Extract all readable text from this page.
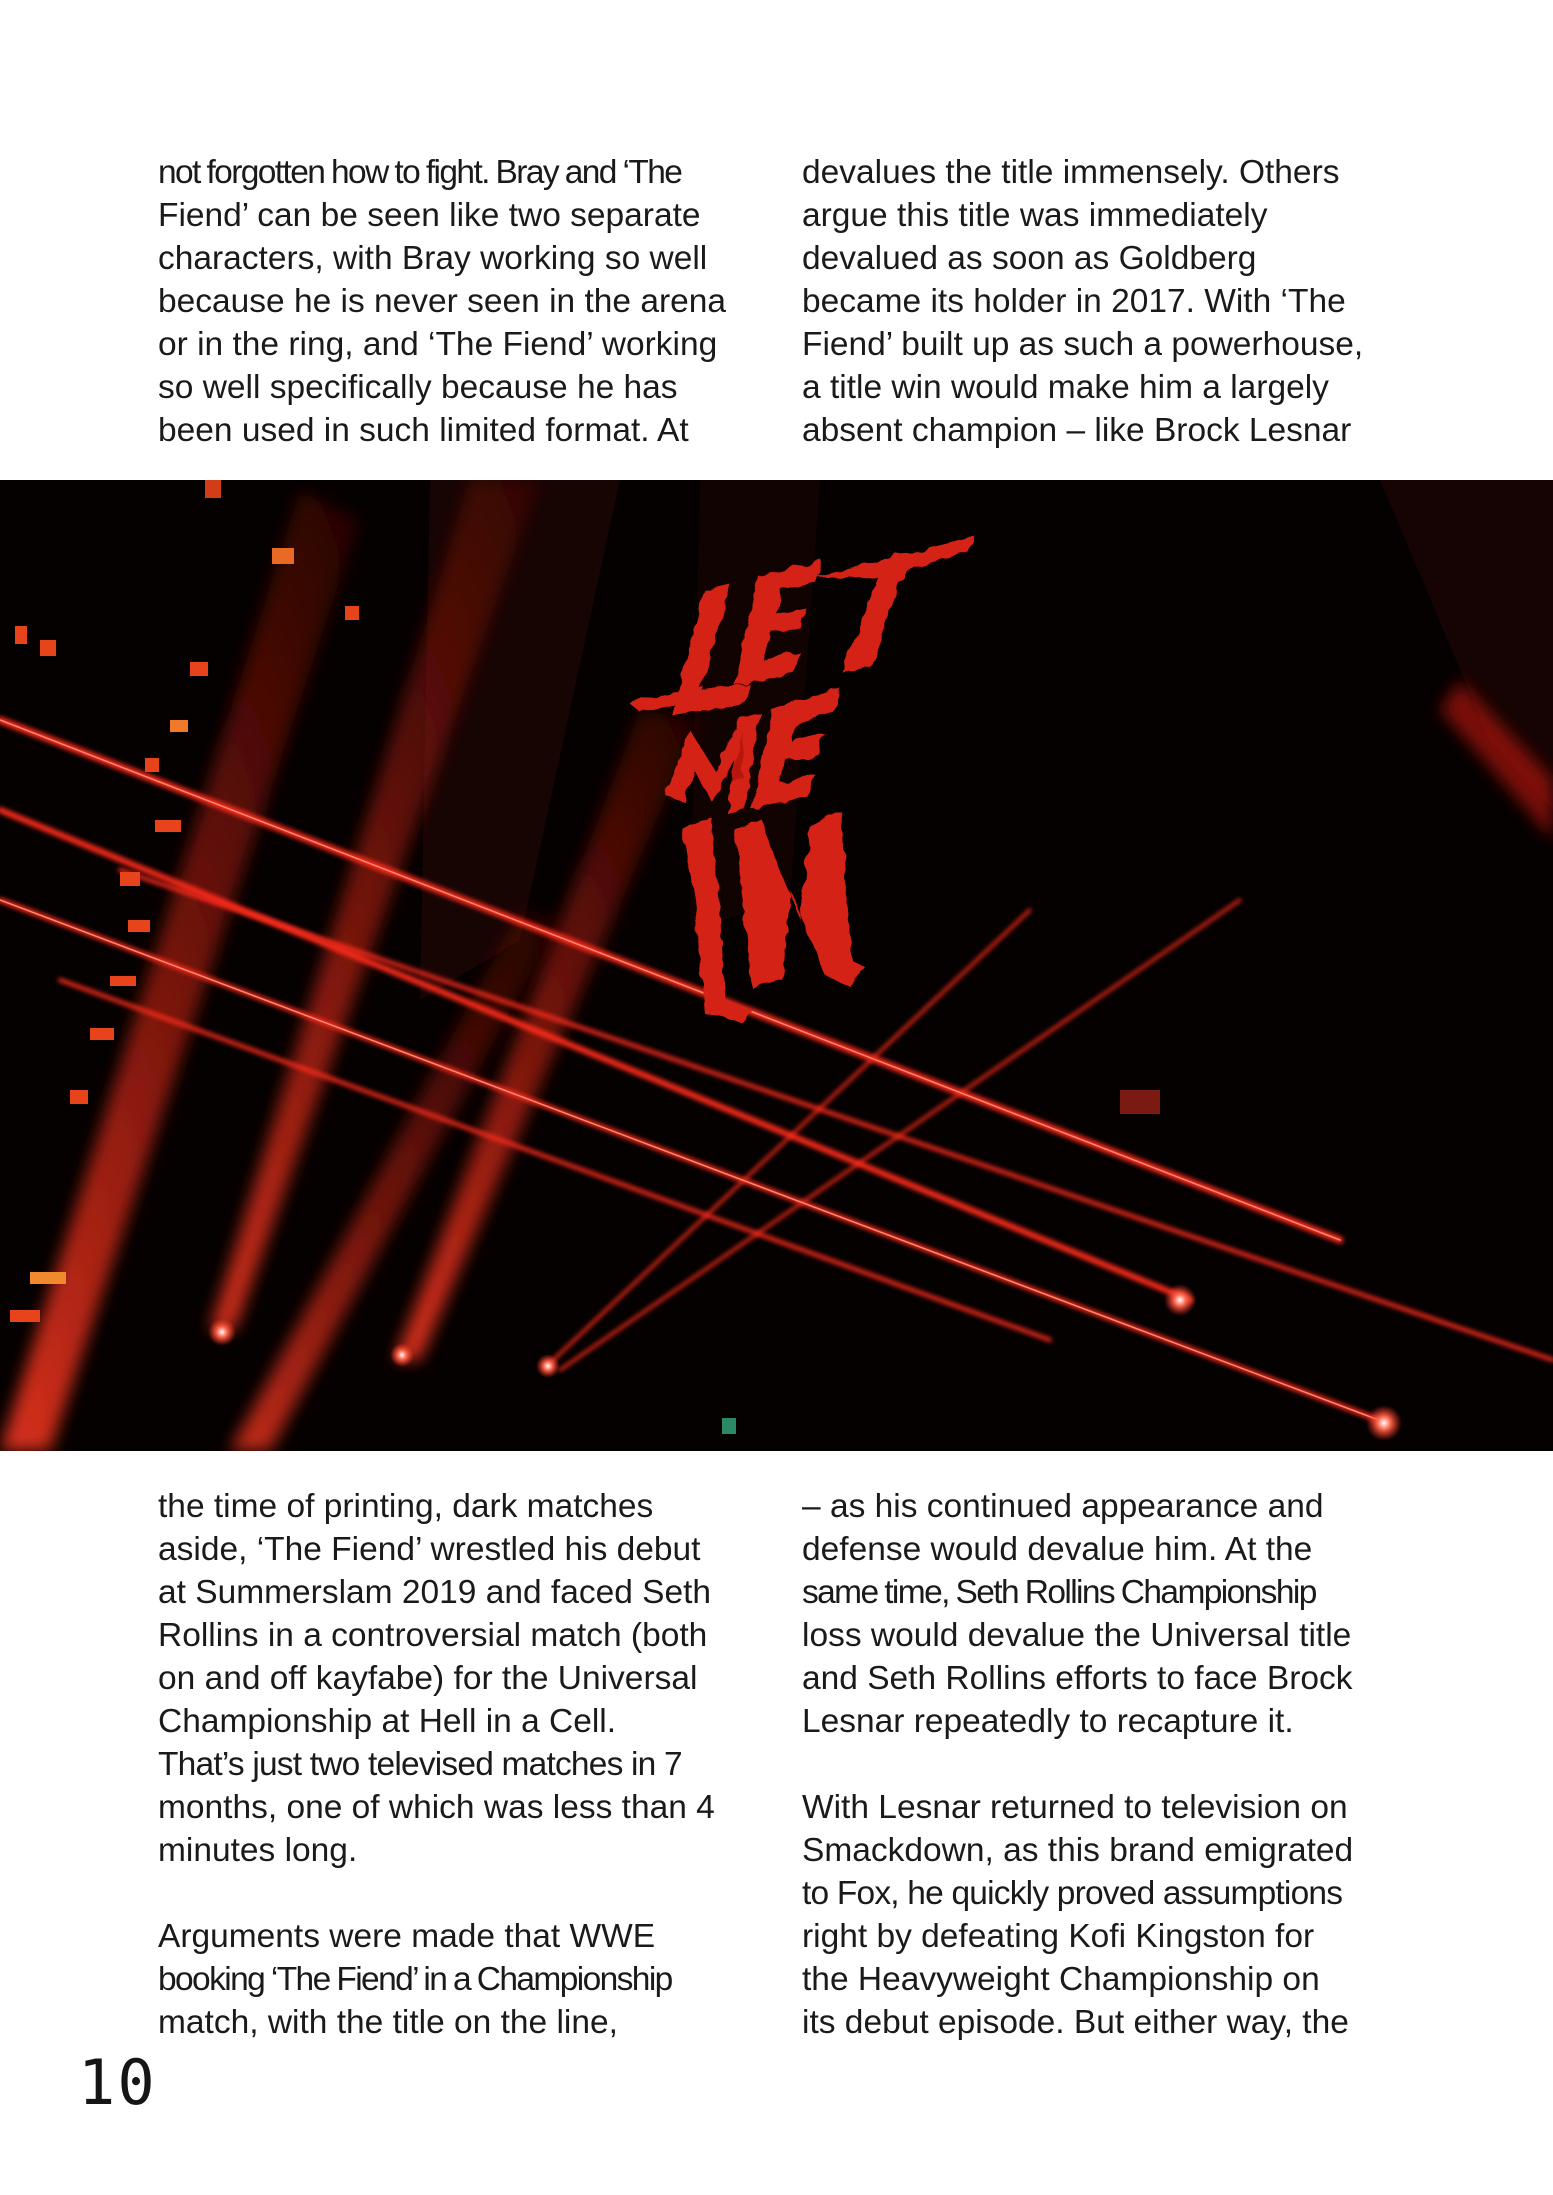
not forgotten how to fight. Bray and ‘The
Fiend’ can be seen like two separate
characters, with Bray working so well
because he is never seen in the arena
or in the ring, and ‘The Fiend’ working
so well specifically because he has
been used in such limited format. At

devalues the title immensely. Others
argue this title was immediately
devalued as soon as Goldberg
became its holder in 2017. With ‘The
Fiend’ built up as such a powerhouse,
a title win would make him a largely
absent champion – like Brock Lesnar

the time of printing, dark matches
aside, ‘The Fiend’ wrestled his debut
at Summerslam 2019 and faced Seth
Rollins in a controversial match (both
on and off kayfabe) for the Universal
Championship at Hell in a Cell.
That’s just two televised matches in 7
months, one of which was less than 4
minutes long.

Arguments were made that WWE
booking ‘The Fiend’ in a Championship
match, with the title on the line,

– as his continued appearance and
defense would devalue him. At the
same time, Seth Rollins Championship
loss would devalue the Universal title
and Seth Rollins efforts to face Brock
Lesnar repeatedly to recapture it.

With Lesnar returned to television on
Smackdown, as this brand emigrated
to Fox, he quickly proved assumptions
right by defeating Kofi Kingston for
the Heavyweight Championship on
its debut episode. But either way, the

10
